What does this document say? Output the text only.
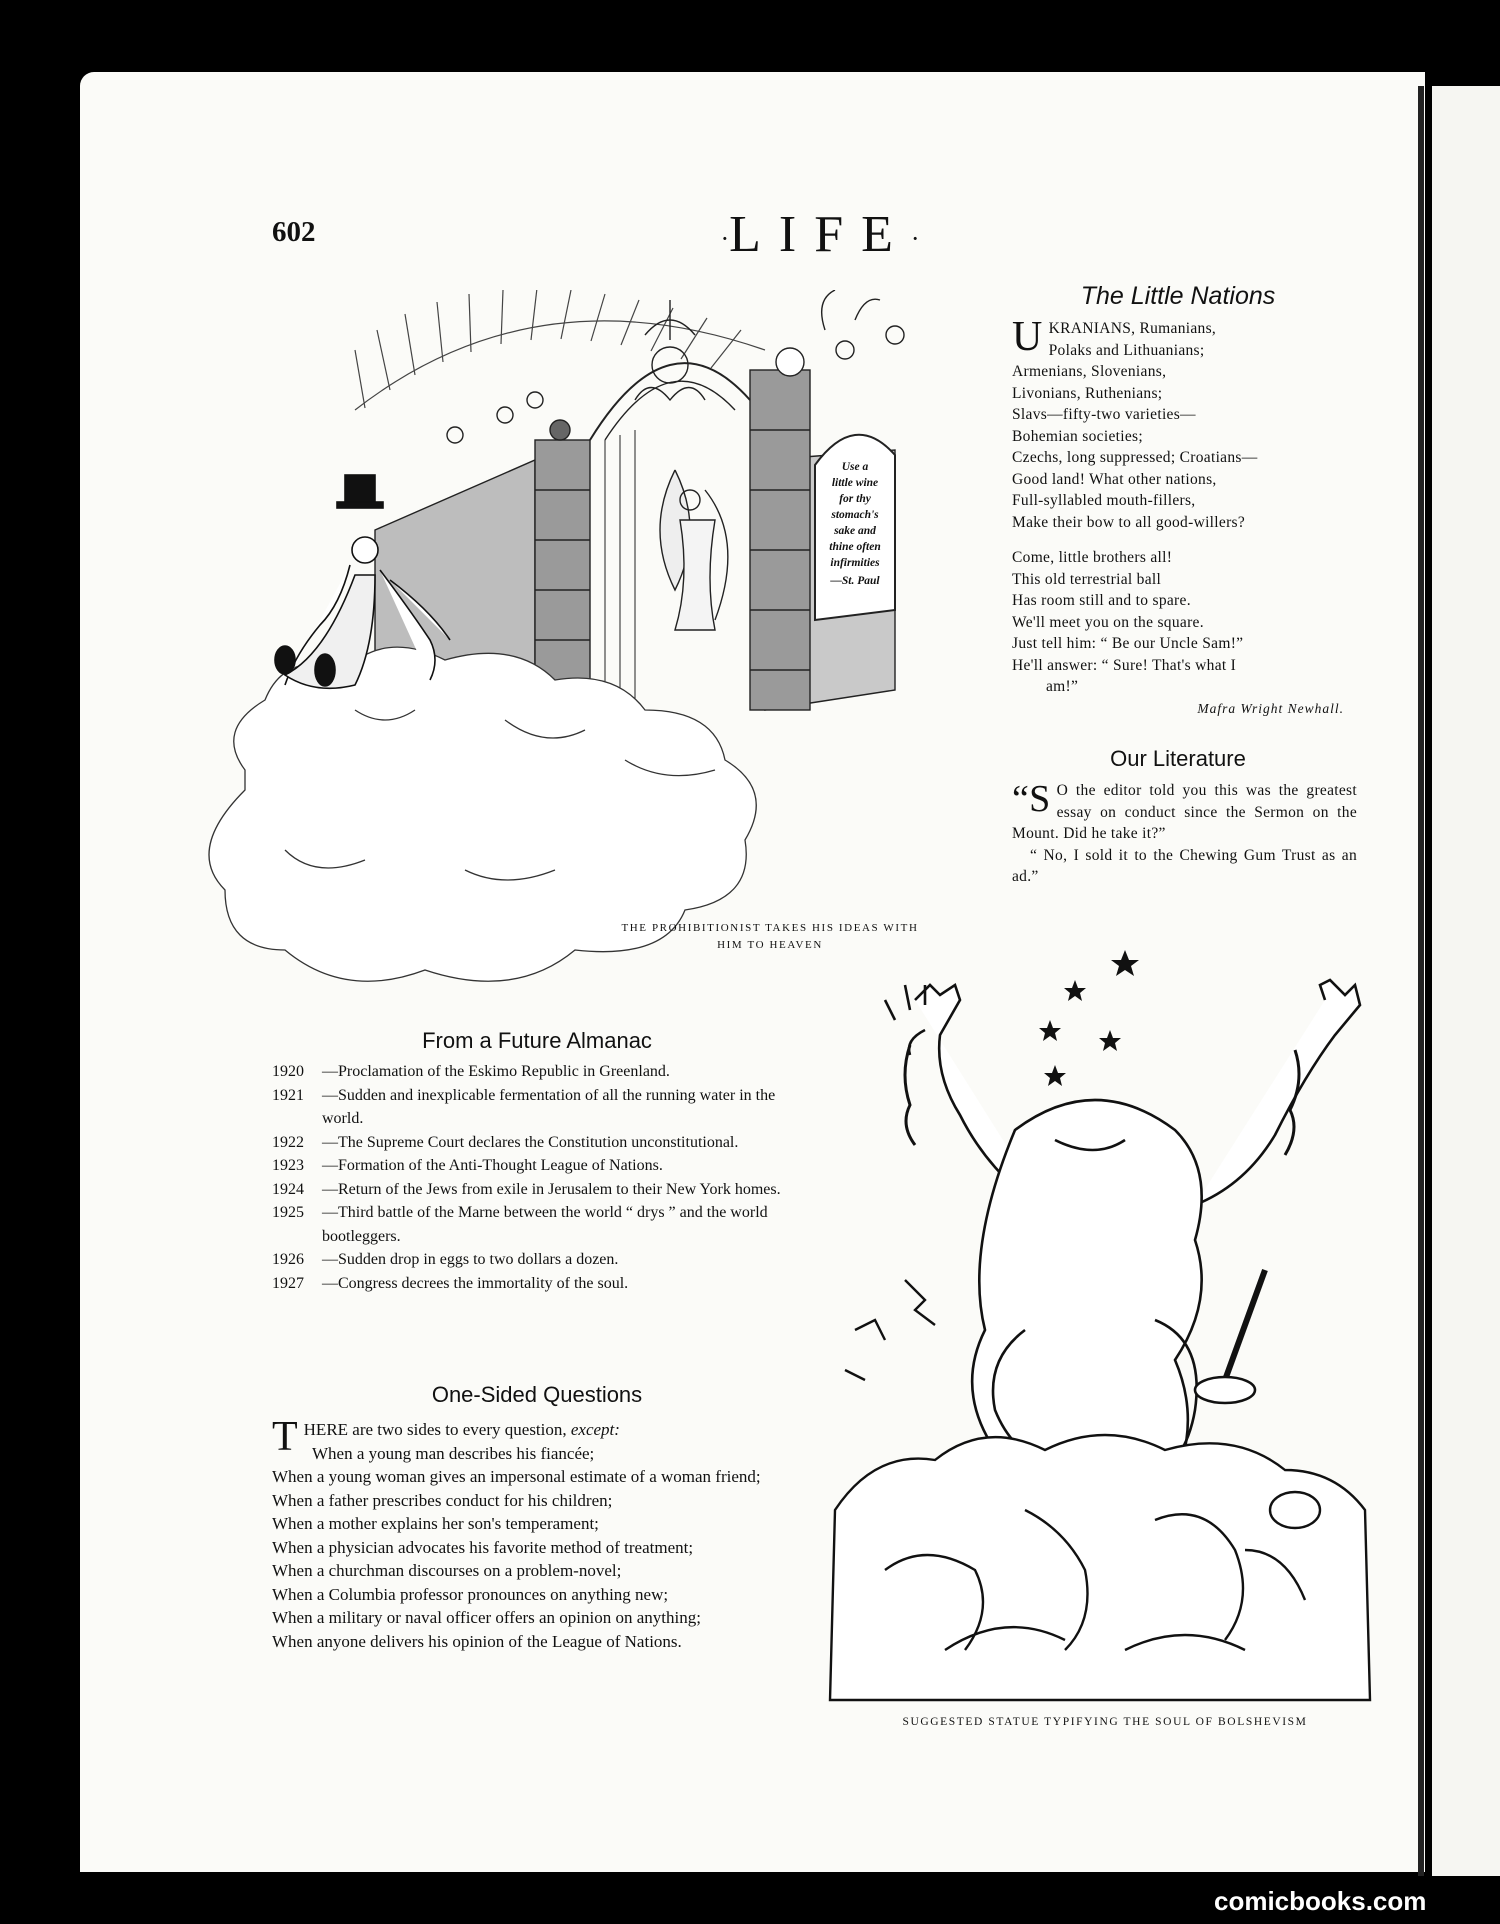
602	·LIFE·
Use a
little wine
for thy
stomach's
sake and
thine often
infirmities
—St. Paul
THE PROHIBITIONIST TAKES HIS IDEAS WITH
HIM TO HEAVEN
The Little Nations
U KRANIANS, Rumanians,

Polaks and Lithuanians;

Armenians, Slovenians,

Livonians, Ruthenians;

Slavs—fifty-two varieties—

Bohemian societies;

Czechs, long suppressed; Croatians—

Good land! What other nations,

Full-syllabled mouth-fillers,

Make their bow to all good-willers?

Come, little brothers all!

This old terrestrial ball

Has room still and to spare.

We'll meet you on the square.

Just tell him: “ Be our Uncle Sam!”

He'll answer: “ Sure! That's what I

am!”

Mafra Wright Newhall.
Our Literature
“S O the editor told you this was the greatest essay on conduct since the Sermon on the Mount. Did he take it?”

“ No, I sold it to the Chewing Gum Trust as an ad.”

From a Future Almanac
1920	—Proclamation of the Eskimo Republic in Greenland.
1921	—Sudden and inexplicable fermentation of all the running water in the world.
1922	—The Supreme Court declares the Constitution unconstitutional.
1923	—Formation of the Anti-Thought League of Nations.
1924	—Return of the Jews from exile in Jerusalem to their New York homes.
1925	—Third battle of the Marne between the world “ drys ” and the world bootleggers.
1926	—Sudden drop in eggs to two dollars a dozen.
1927	—Congress decrees the immortality of the soul.
One-Sided Questions
T HERE are two sides to every question, except:
When a young man describes his fiancée;

When a young woman gives an impersonal estimate of a woman friend;

When a father prescribes conduct for his children;

When a mother explains her son's temperament;

When a physician advocates his favorite method of treatment;

When a churchman discourses on a problem-novel;

When a Columbia professor pronounces on anything new;

When a military or naval officer offers an opinion on anything;

When anyone delivers his opinion of the League of Nations.

SUGGESTED STATUE TYPIFYING THE SOUL OF BOLSHEVISM
comicbooks.com
